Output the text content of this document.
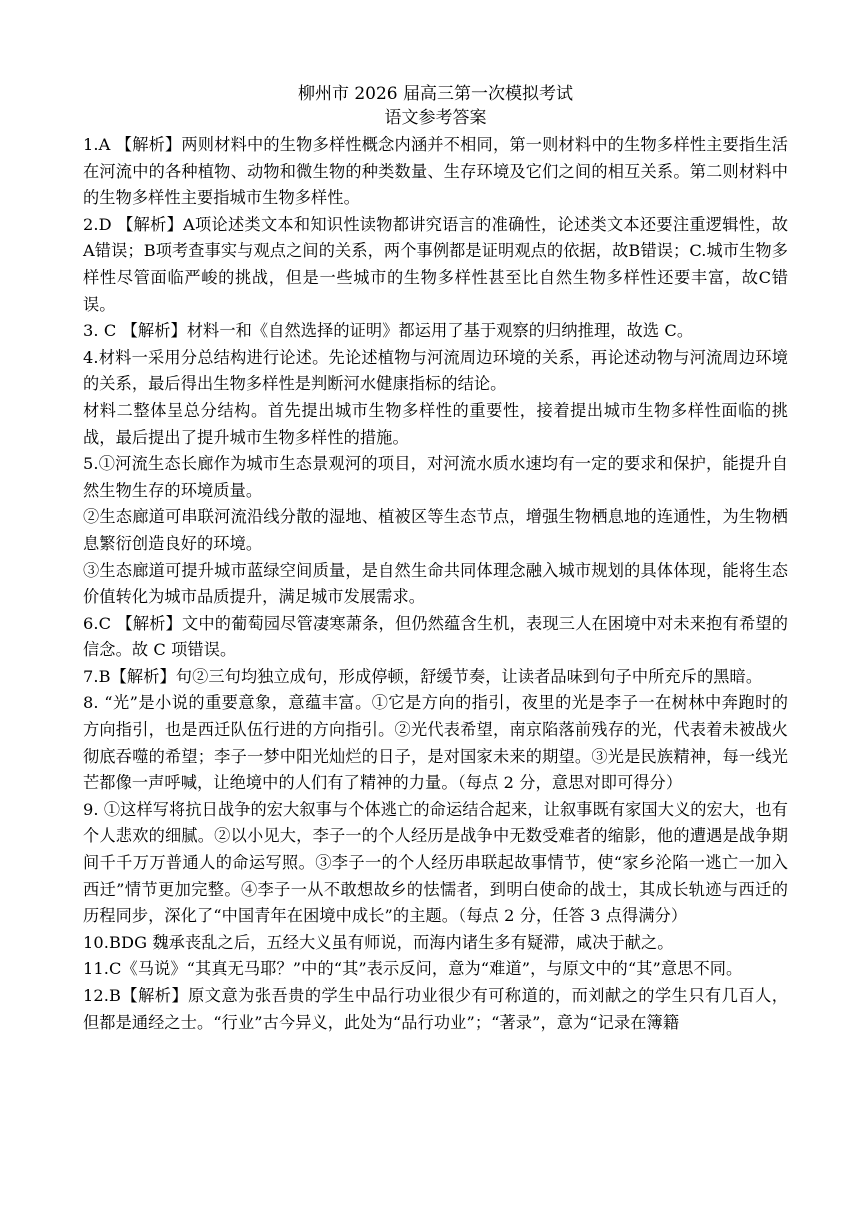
柳州市 2026 届高三第一次模拟考试
语文参考答案

1.A 【解析】两则材料中的生物多样性概念内涵并不相同，第一则材料中的生物多样性主要指生活在河流中的各种植物、动物和微生物的种类数量、生存环境及它们之间的相互关系。第二则材料中的生物多样性主要指城市生物多样性。

2.D 【解析】A项论述类文本和知识性读物都讲究语言的准确性，论述类文本还要注重逻辑性，故A错误；B项考查事实与观点之间的关系，两个事例都是证明观点的依据，故B错误；C.城市生物多样性尽管面临严峻的挑战，但是一些城市的生物多样性甚至比自然生物多样性还要丰富，故C错误。

3. C 【解析】材料一和《自然选择的证明》都运用了基于观察的归纳推理，故选 C。

4.材料一采用分总结构进行论述。先论述植物与河流周边环境的关系，再论述动物与河流周边环境的关系，最后得出生物多样性是判断河水健康指标的结论。

材料二整体呈总分结构。首先提出城市生物多样性的重要性，接着提出城市生物多样性面临的挑战，最后提出了提升城市生物多样性的措施。

5.①河流生态长廊作为城市生态景观河的项目，对河流水质水速均有一定的要求和保护，能提升自然生物生存的环境质量。

②生态廊道可串联河流沿线分散的湿地、植被区等生态节点，增强生物栖息地的连通性，为生物栖息繁衍创造良好的环境。

③生态廊道可提升城市蓝绿空间质量，是自然生命共同体理念融入城市规划的具体体现，能将生态价值转化为城市品质提升，满足城市发展需求。

6.C 【解析】文中的葡萄园尽管凄寒萧条，但仍然蕴含生机，表现三人在困境中对未来抱有希望的信念。故 C 项错误。

7.B【解析】句②三句均独立成句，形成停顿，舒缓节奏，让读者品味到句子中所充斥的黑暗。

8. “光”是小说的重要意象，意蕴丰富。①它是方向的指引，夜里的光是李子一在树林中奔跑时的方向指引，也是西迁队伍行进的方向指引。②光代表希望，南京陷落前残存的光，代表着未被战火彻底吞噬的希望；李子一梦中阳光灿烂的日子，是对国家未来的期望。③光是民族精神，每一线光芒都像一声呼喊，让绝境中的人们有了精神的力量。（每点 2 分，意思对即可得分）

9. ①这样写将抗日战争的宏大叙事与个体逃亡的命运结合起来，让叙事既有家国大义的宏大，也有个人悲欢的细腻。②以小见大，李子一的个人经历是战争中无数受难者的缩影，他的遭遇是战争期间千千万万普通人的命运写照。③李子一的个人经历串联起故事情节，使“家乡沦陷一逃亡一加入西迁”情节更加完整。④李子一从不敢想故乡的怯懦者，到明白使命的战士，其成长轨迹与西迁的历程同步，深化了“中国青年在困境中成长”的主题。（每点 2 分，任答 3 点得满分）

10.BDG 魏承丧乱之后，五经大义虽有师说，而海内诸生多有疑滞，咸决于献之。

11.C《马说》“其真无马耶？”中的“其”表示反问，意为“难道”，与原文中的“其”意思不同。

12.B【解析】原文意为张吾贵的学生中品行功业很少有可称道的，而刘献之的学生只有几百人，但都是通经之士。“行业”古今异义，此处为“品行功业”；“著录”，意为“记录在簿籍
